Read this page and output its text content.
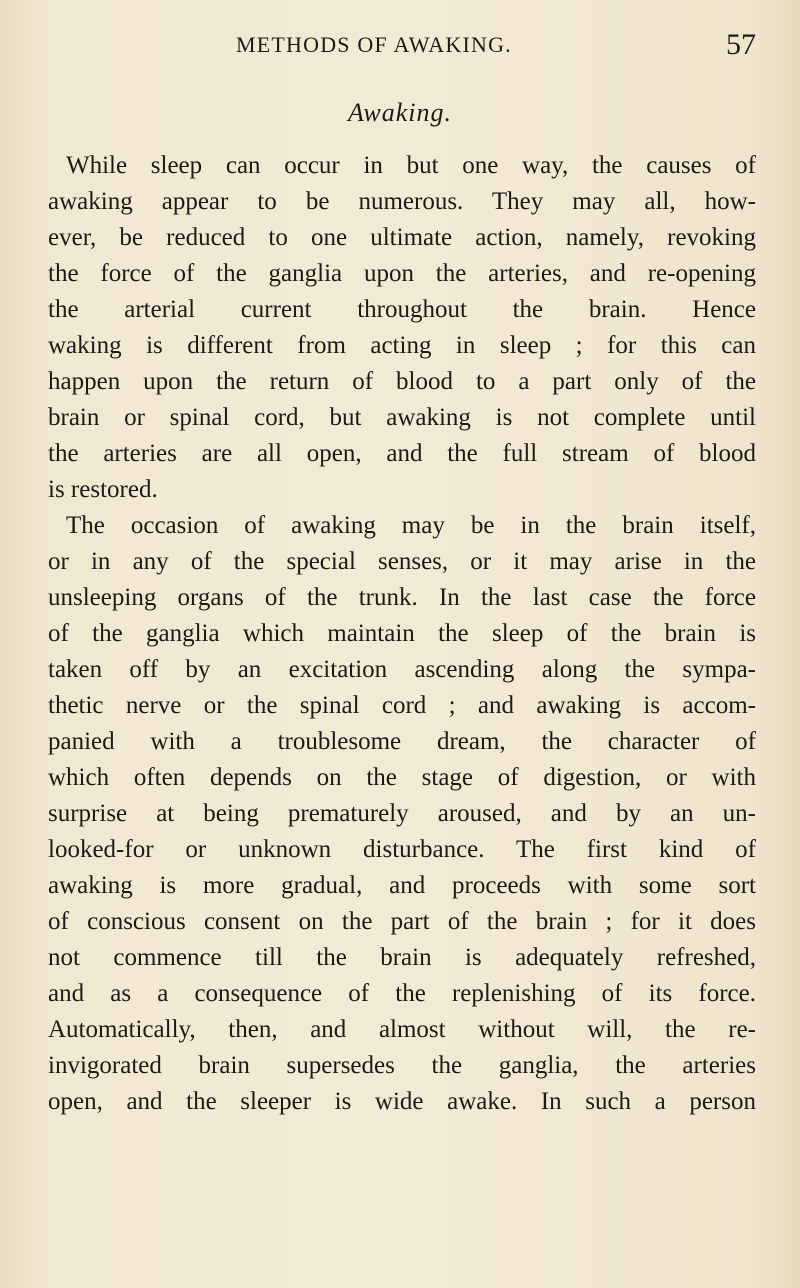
METHODS OF AWAKING.	57
Awaking.
While sleep can occur in but one way, the causes of
awaking appear to be numerous. They may all, how-
ever, be reduced to one ultimate action, namely, revoking
the force of the ganglia upon the arteries, and re-opening
the arterial current throughout the brain. Hence
waking is different from acting in sleep ; for this can
happen upon the return of blood to a part only of the
brain or spinal cord, but awaking is not complete until
the arteries are all open, and the full stream of blood
is restored.
The occasion of awaking may be in the brain itself,
or in any of the special senses, or it may arise in the
unsleeping organs of the trunk. In the last case the force
of the ganglia which maintain the sleep of the brain is
taken off by an excitation ascending along the sympa-
thetic nerve or the spinal cord ; and awaking is accom-
panied with a troublesome dream, the character of
which often depends on the stage of digestion, or with
surprise at being prematurely aroused, and by an un-
looked-for or unknown disturbance. The first kind of
awaking is more gradual, and proceeds with some sort
of conscious consent on the part of the brain ; for it does
not commence till the brain is adequately refreshed,
and as a consequence of the replenishing of its force.
Automatically, then, and almost without will, the re-
invigorated brain supersedes the ganglia, the arteries
open, and the sleeper is wide awake. In such a person
